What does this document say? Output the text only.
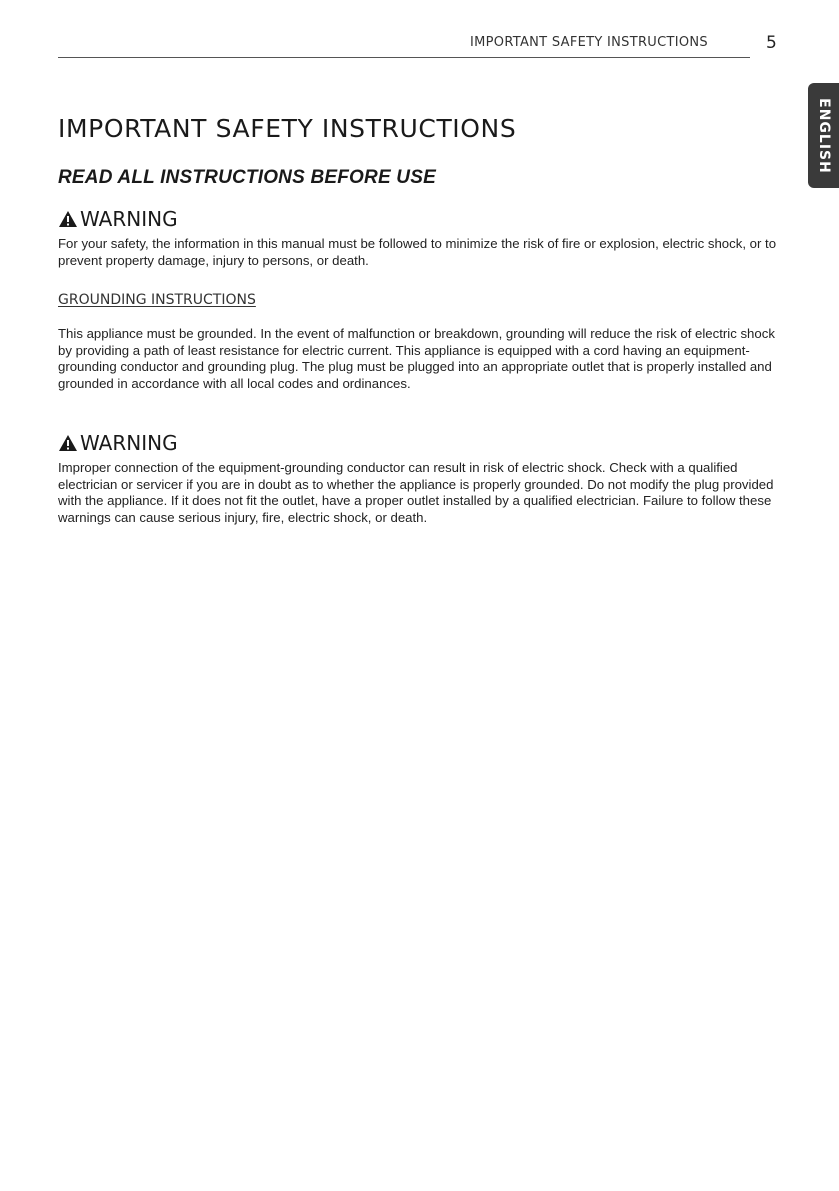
IMPORTANT SAFETY INSTRUCTIONS	5
ENGLISH
IMPORTANT SAFETY INSTRUCTIONS
READ ALL INSTRUCTIONS BEFORE USE
WARNING

For your safety, the information in this manual must be followed to minimize the risk of fire or explosion, electric shock, or to prevent property damage, injury to persons, or death.

GROUNDING INSTRUCTIONS

This appliance must be grounded. In the event of malfunction or breakdown, grounding will reduce the risk of electric shock by providing a path of least resistance for electric current. This appliance is equipped with a cord having an equipment-grounding conductor and grounding plug. The plug must be plugged into an appropriate outlet that is properly installed and grounded in accordance with all local codes and ordinances.

WARNING

Improper connection of the equipment-grounding conductor can result in risk of electric shock. Check with a qualified electrician or servicer if you are in doubt as to whether the appliance is properly grounded. Do not modify the plug provided with the appliance. If it does not fit the outlet, have a proper outlet installed by a qualified electrician. Failure to follow these warnings can cause serious injury, fire, electric shock, or death.
